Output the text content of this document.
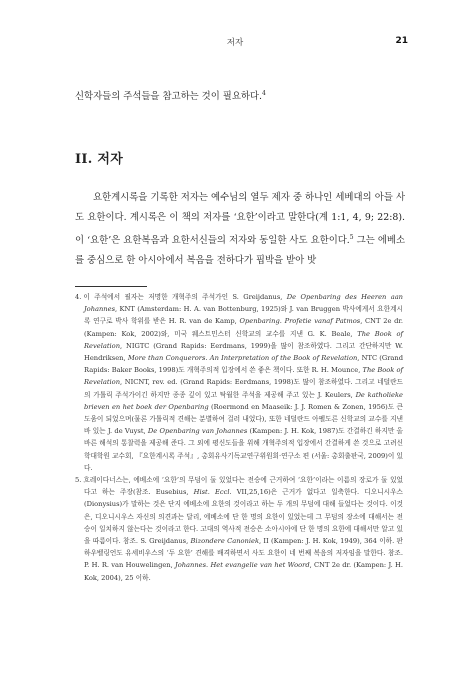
저자	21

신학자들의 주석들을 참고하는 것이 필요하다.$^4$

II. 저자

요한계시록을 기록한 저자는 예수님의 열두 제자 중 하나인 세베대의 아들 사도 요한이다. 계시록은 이 책의 저자를 ‘요한’이라고 말한다(계 1:1, 4, 9; 22:8). 이 ‘요한’은 요한복음과 요한서신들의 저자와 동일한 사도 요한이다.$^5$ 그는 에베소를 중심으로 한 아시아에서 복음을 전하다가 핍박을 받아 밧

4. 이 주석에서 필자는 저명한 개혁주의 주석가인 S. Greijdanus, De Openbaring des Heeren aan Johannes, KNT (Amsterdam: H. A. van Bottenburg, 1925)와 J. van Bruggen 박사에게서 요한계시록 연구로 박사 학위를 받은 H. R. van de Kamp, Openbaring. Profetie vanaf Patmos, CNT 2e dr. (Kampen: Kok, 2002)와, 미국 웨스트민스터 신학교의 교수를 지낸 G. K. Beale, The Book of Revelation, NIGTC (Grand Rapids: Eerdmans, 1999)을 많이 참조하였다. 그리고 간단하지만 W. Hendriksen, More than Conquerors. An Interpretation of the Book of Revelation, NTC (Grand Rapids: Baker Books, 1998)도 개혁주의적 입장에서 쓴 좋은 책이다. 또한 R. H. Mounce, The Book of Revelation, NICNT, rev. ed. (Grand Rapids: Eerdmans, 1998)도 많이 참조하였다. 그리고 네덜란드의 가톨릭 주석가이긴 하지만 종종 깊이 있고 탁월한 주석을 제공해 주고 있는 J. Keulers, De katholieke brieven en het boek der Openbaring (Roermond en Maaseik: J. J. Romen & Zonen, 1956)도 큰 도움이 되었으며(물론 가톨릭적 견해는 분별하여 걸러 내었다), 또한 네덜란드 아펠도른 신학교의 교수를 지낸 바 있는 J. de Vuyst, De Openbaring van Johannes (Kampen: J. H. Kok, 1987)도 간결하긴 하지만 올바른 해석의 통찰력을 제공해 준다. 그 외에 평신도들을 위해 개혁주의적 입장에서 간결하게 쓴 것으로 고려신학대학원 교수회, 『요한계시록 주석』, 총회유사기독교연구위원회·연구소 편 (서울: 총회출판국, 2009)이 있다.

5. 흐레이다너스는, 에베소에 ‘요한’의 무덤이 둘 있었다는 전승에 근거하여 ‘요한’이라는 이름의 장로가 둘 있었다고 하는 주장(참조. Eusebius, Hist. Eccl. VII,25,16)은 근거가 없다고 일축한다. 디오니시우스(Dionysius)가 말하는 것은 단지 에베소에 요한의 것이라고 하는 두 개의 무덤에 대해 들었다는 것이다. 이것은, 디오니시우스 자신의 의견과는 달리, 에베소에 단 한 명의 요한이 있었는데 그 무덤의 장소에 대해서는 전승이 일치하지 않는다는 것이라고 한다. 고대의 역사적 전승은 소아시아에 단 한 명의 요한에 대해서만 알고 있을 따름이다. 참조. S. Greijdanus, Bizondere Canoniek, II (Kampen: J. H. Kok, 1949), 364 이하. 판 하우벨링언도 유세비우스의 ‘두 요한’ 견해를 배격하면서 사도 요한이 네 번째 복음의 저자임을 말한다. 참조. P. H. R. van Houwelingen, Johannes. Het evangelie van het Woord, CNT 2e dr. (Kampen: J. H. Kok, 2004), 25 이하.
